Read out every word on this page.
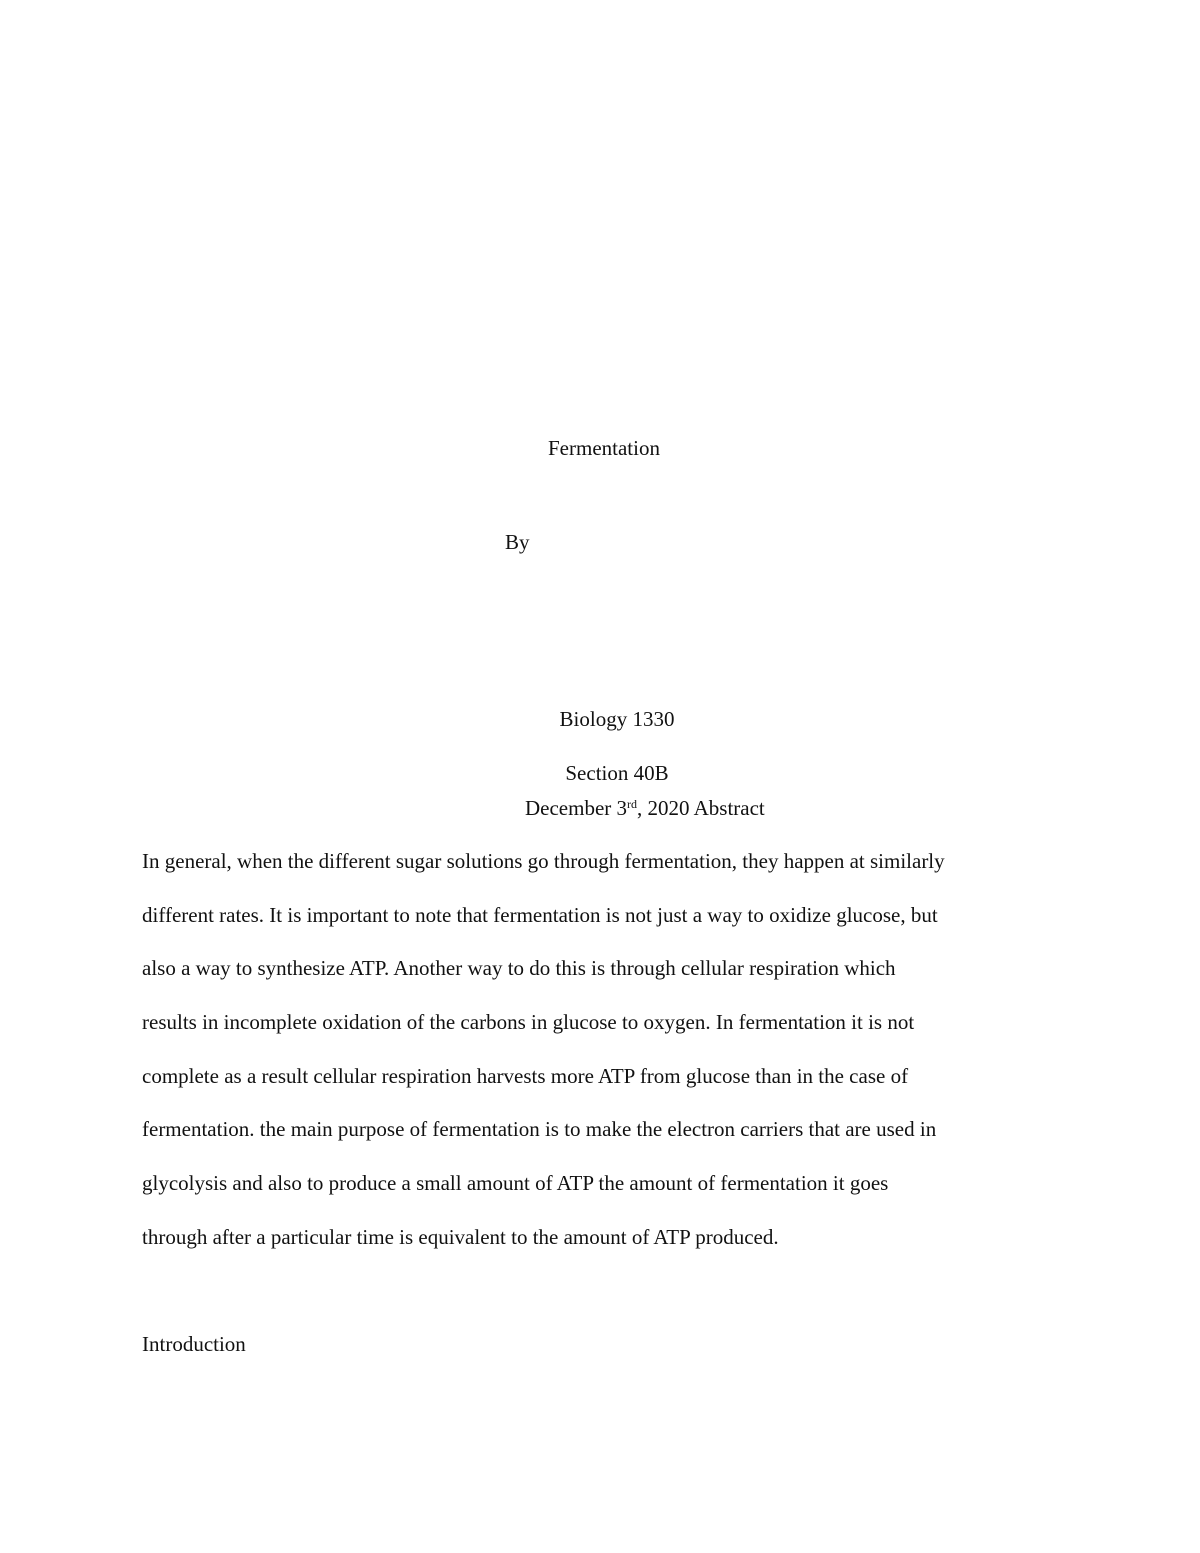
Fermentation
By
Biology 1330
Section 40B
December 3rd, 2020 Abstract
In general, when the different sugar solutions go through fermentation, they happen at similarly
different rates. It is important to note that fermentation is not just a way to oxidize glucose, but
also a way to synthesize ATP. Another way to do this is through cellular respiration which
results in incomplete oxidation of the carbons in glucose to oxygen. In fermentation it is not
complete as a result cellular respiration harvests more ATP from glucose than in the case of
fermentation. the main purpose of fermentation is to make the electron carriers that are used in
glycolysis and also to produce a small amount of ATP the amount of fermentation it goes
through after a particular time is equivalent to the amount of ATP produced.
Introduction
